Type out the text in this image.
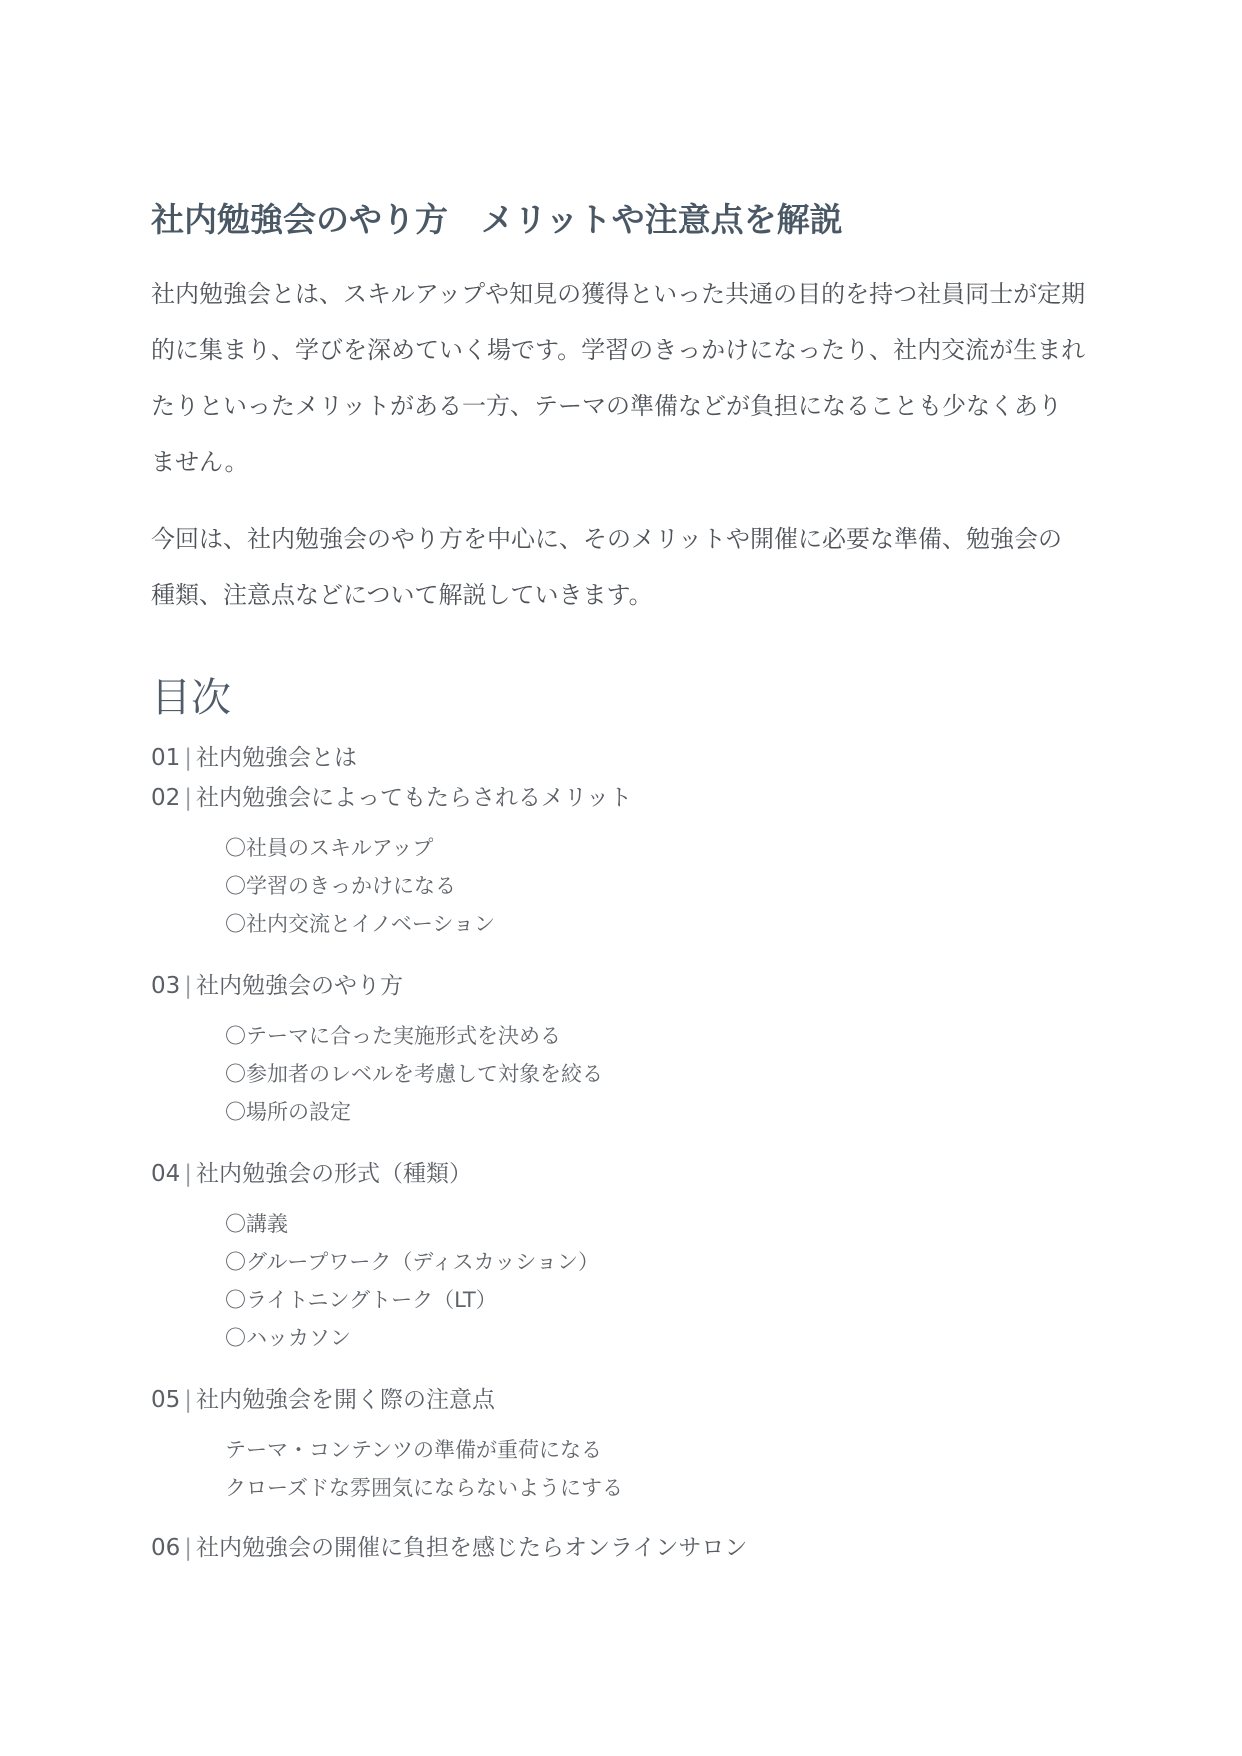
社内勉強会のやり方　メリットや注意点を解説

社内勉強会とは、スキルアップや知見の獲得といった共通の目的を持つ社員同士が定期的に集まり、学びを深めていく場です。学習のきっかけになったり、社内交流が生まれたりといったメリットがある一方、テーマの準備などが負担になることも少なくありません。

今回は、社内勉強会のやり方を中心に、そのメリットや開催に必要な準備、勉強会の種類、注意点などについて解説していきます。

目次
01 | 社内勉強会とは
02 | 社内勉強会によってもたらされるメリット
〇社員のスキルアップ
〇学習のきっかけになる
〇社内交流とイノベーション
03 | 社内勉強会のやり方
〇テーマに合った実施形式を決める
〇参加者のレベルを考慮して対象を絞る
〇場所の設定
04 | 社内勉強会の形式（種類）
〇講義
〇グループワーク（ディスカッション）
〇ライトニングトーク（LT）
〇ハッカソン
05 | 社内勉強会を開く際の注意点
テーマ・コンテンツの準備が重荷になる
クローズドな雰囲気にならないようにする
06 | 社内勉強会の開催に負担を感じたらオンラインサロン
